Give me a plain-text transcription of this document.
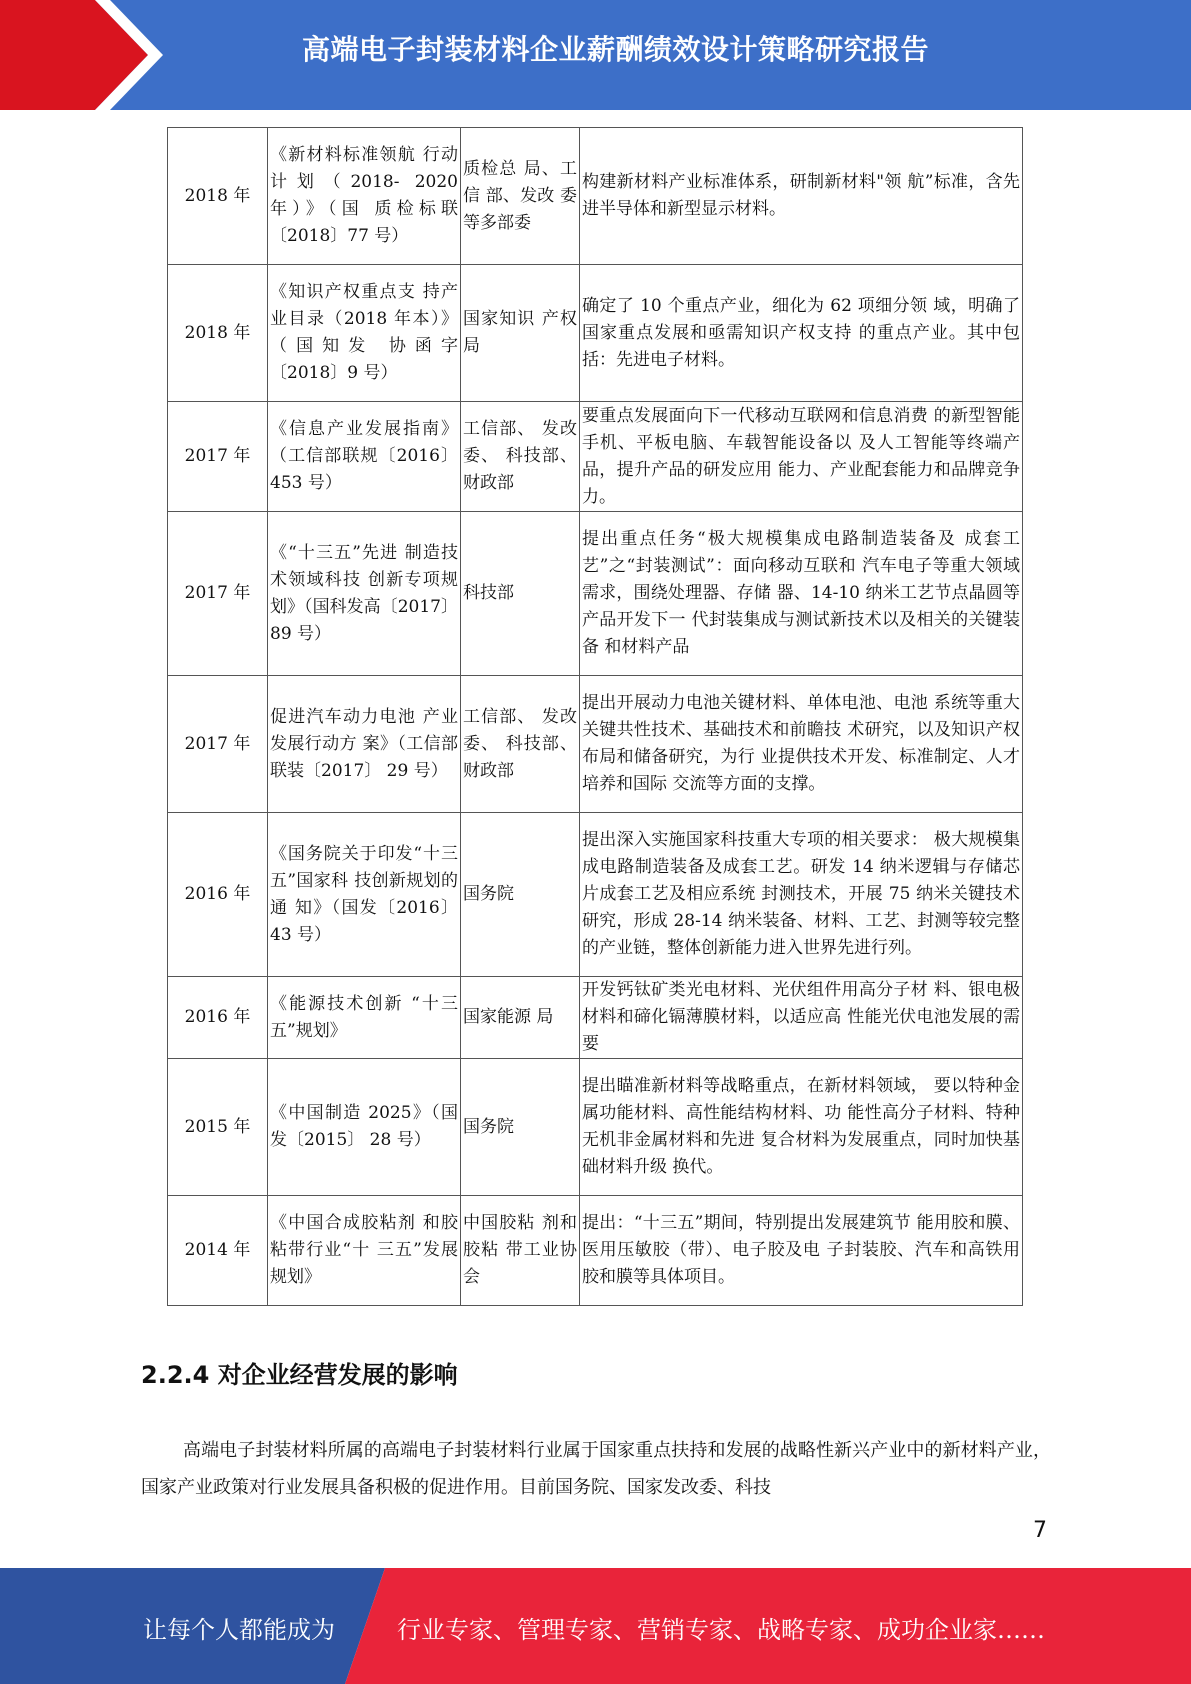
高端电子封装材料企业薪酬绩效设计策略研究报告
2018 年	《新材料标准领航 行动计划（2018- 2020 年）》（国 质检标联〔2018〕77 号）	质检总 局、工信 部、发改 委等多部委	构建新材料产业标准体系，研制新材料"领 航”标准，含先进半导体和新型显示材料。
2018 年	《知识产权重点支 持产业目录（2018 年本）》（国知发 协函字〔2018〕9 号）	国家知识 产权局	确定了 10 个重点产业，细化为 62 项细分领 域，明确了国家重点发展和亟需知识产权支持 的重点产业。其中包括：先进电子材料。
2017 年	《信息产业发展指南》（工信部联规〔2016〕 453 号）	工信部、 发改委、 科技部、 财政部	要重点发展面向下一代移动互联网和信息消费 的新型智能手机、平板电脑、车载智能设备以 及人工智能等终端产品，提升产品的研发应用 能力、产业配套能力和品牌竞争力。
2017 年	《“十三五”先进 制造技术领域科技 创新专项规划》（国科发高〔2017〕89 号）	科技部	提出重点任务“极大规模集成电路制造装备及 成套工艺”之“封装测试”：面向移动互联和 汽车电子等重大领域需求，围绕处理器、存储 器、14-10 纳米工艺节点晶圆等产品开发下一 代封装集成与测试新技术以及相关的关键装备 和材料产品
2017 年	促进汽车动力电池 产业发展行动方 案》（工信部联装〔2017〕 29 号）	工信部、 发改委、 科技部、 财政部	提出开展动力电池关键材料、单体电池、电池 系统等重大关键共性技术、基础技术和前瞻技 术研究，以及知识产权布局和储备研究，为行 业提供技术开发、标准制定、人才培养和国际 交流等方面的支撑。
2016 年	《国务院关于印发“十三五”国家科 技创新规划的通 知》（国发〔2016〕 43 号）	国务院	提出深入实施国家科技重大专项的相关要求： 极大规模集成电路制造装备及成套工艺。研发 14 纳米逻辑与存储芯片成套工艺及相应系统 封测技术，开展 75 纳米关键技术研究，形成 28-14 纳米装备、材料、工艺、封测等较完整 的产业链，整体创新能力进入世界先进行列。
2016 年	《能源技术创新 “十三五”规划》	国家能源 局	开发钙钛矿类光电材料、光伏组件用高分子材 料、银电极材料和碲化镉薄膜材料，以适应高 性能光伏电池发展的需要
2015 年	《中国制造 2025》（国发〔2015〕 28 号）	国务院	提出瞄准新材料等战略重点，在新材料领域， 要以特种金属功能材料、高性能结构材料、功 能性高分子材料、特种无机非金属材料和先进 复合材料为发展重点，同时加快基础材料升级 换代。
2014 年	《中国合成胶粘剂 和胶粘带行业“十 三五”发展规划》	中国胶粘 剂和胶粘 带工业协 会	提出：“十三五”期间，特别提出发展建筑节 能用胶和膜、医用压敏胶（带）、电子胶及电 子封装胶、汽车和高铁用胶和膜等具体项目。
2.2.4 对企业经营发展的影响
高端电子封装材料所属的高端电子封装材料行业属于国家重点扶持和发展的战略性新兴产业中的新材料产业，国家产业政策对行业发展具备积极的促进作用。目前国务院、国家发改委、科技
7
让每个人都能成为	行业专家、管理专家、营销专家、战略专家、成功企业家……
